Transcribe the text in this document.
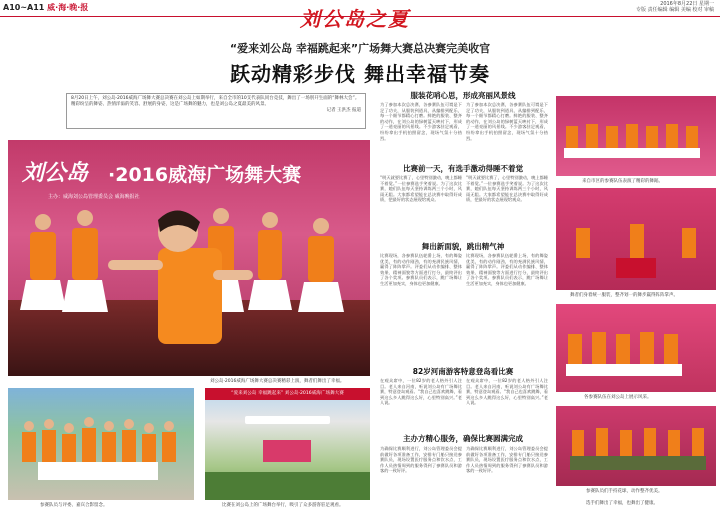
A10~A11 威·海·晚·报	2016年8月22日 星期一
专版 责任编辑 编辑 美编 校对 审稿
刘公岛之夏
“爱来刘公岛 幸福跳起来”广场舞大赛总决赛完美收官
跃动精彩步伐 舞出幸福节奏
8月20日上午，刘公岛·2016威海广场舞大赛总决赛在刘公岛上如期举行，来自全市的10支代表队同台竞技，舞出了一场别开生面的“舞林大会”。精彩纷呈的舞姿、热情洋溢的笑容、舒展的身姿，这是广场舞的魅力，也是刘公岛之夏最美的风景。
记者 王洪杰 报道
刘公岛 ·2016威海广场舞大赛
主办：威海刘公岛管理委员会 威海晚报社
刘公岛·2016威海广场舞大赛总决赛精彩上演，舞者们舞出了幸福。
参赛队员与评委、嘉宾合影留念。
“爱来刘公岛 幸福跳起来” 刘公岛·2016威海广场舞大赛
比赛在刘公岛上的广场舞台举行，吸引了众多游客驻足观看。
服装花哨心思，形成亮丽风景线
为了参加本次总决赛，各参赛队伍可谓是下足了功夫，从服装到道具，从编排到配乐，每一个细节都精心打磨。鲜艳的服装、整齐的动作，在刘公岛的绿树蓝天映衬下，形成了一道亮丽的风景线。不少游客驻足观看，纷纷拿出手机拍照留念，现场气氛十分热烈。
为了参加本次总决赛，各参赛队伍可谓是下足了功夫，从服装到道具，从编排到配乐，每一个细节都精心打磨。鲜艳的服装、整齐的动作，在刘公岛的绿树蓝天映衬下，形成了一道亮丽的风景线。不少游客驻足观看，纷纷拿出手机拍照留念，现场气氛十分热烈。
比赛前一天，有选手激动得睡不着觉
“明天就要比赛了，心里特别激动，晚上都睡不着觉。”一位参赛选手笑着说。为了这次比赛，她们队伍每天坚持训练两三个小时，风雨无阻。大家都希望能在总决赛中取得好成绩，把最好的状态展现给观众。
“明天就要比赛了，心里特别激动，晚上都睡不着觉。”一位参赛选手笑着说。为了这次比赛，她们队伍每天坚持训练两三个小时，风雨无阻。大家都希望能在总决赛中取得好成绩，把最好的状态展现给观众。
舞出新面貌，跳出精气神
比赛现场，各参赛队伍轮番上场，有的舞姿优美，有的动作刚劲，有的充满民族风情，赢得了阵阵掌声。评委们从动作编排、整体效果、精神面貌等方面进行打分，最终评出了各个奖项。参赛队员们表示，跳广场舞让生活更加充实，身体也更加健康。
比赛现场，各参赛队伍轮番上场，有的舞姿优美，有的动作刚劲，有的充满民族风情，赢得了阵阵掌声。评委们从动作编排、整体效果、精神面貌等方面进行打分，最终评出了各个奖项。参赛队员们表示，跳广场舞让生活更加充实，身体也更加健康。
82岁河南游客特意登岛看比赛
在观众席中，一位82岁的老人格外引人注目。老人来自河南，听说刘公岛有广场舞比赛，特意登岛观看。“我自己也喜欢跳舞，看到这么多人跳得这么好，心里特别高兴。”老人说。
在观众席中，一位82岁的老人格外引人注目。老人来自河南，听说刘公岛有广场舞比赛，特意登岛观看。“我自己也喜欢跳舞，看到这么多人跳得这么好，心里特别高兴。”老人说。
主办方精心服务，确保比赛圆满完成
为确保比赛顺利进行，刘公岛管理委员会提前做好各项准备工作，安排专门船只接送参赛队员，现场设置医疗服务点和饮水点，工作人员热情周到的服务得到了参赛队员和游客的一致好评。
为确保比赛顺利进行，刘公岛管理委员会提前做好各项准备工作，安排专门船只接送参赛队员，现场设置医疗服务点和饮水点，工作人员热情周到的服务得到了参赛队员和游客的一致好评。
来自市区的参赛队伍表演了精彩的舞蹈。
舞者们身着统一服装，整齐划一的舞步赢得阵阵掌声。
各参赛队伍在刘公岛上展示风采。
参赛队员们手持花球，动作整齐优美。
选手们舞出了幸福，也舞出了健康。
